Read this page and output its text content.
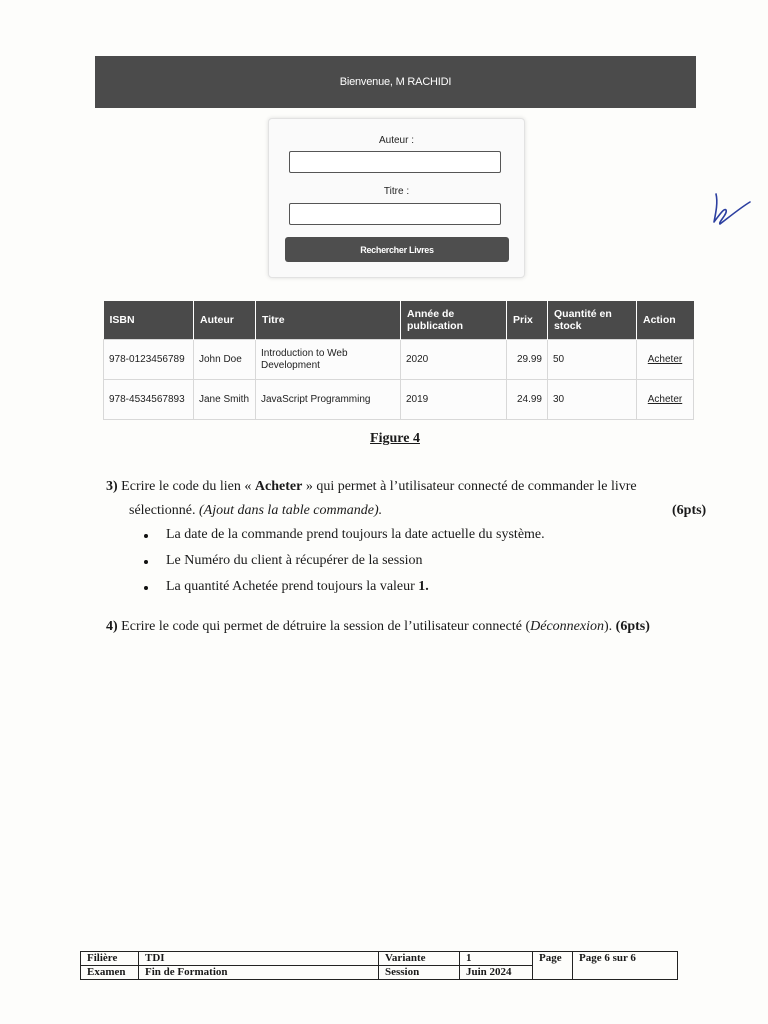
Bienvenue, M RACHIDI
Auteur :
Titre :
Rechercher Livres
ISBN	Auteur	Titre	Année de publication	Prix	Quantité en stock	Action
978-0123456789	John Doe	Introduction to Web Development	2020	29.99	50	Acheter
978-4534567893	Jane Smith	JavaScript Programming	2019	24.99	30	Acheter
Figure 4
3) Ecrire le code du lien « Acheter » qui permet à l’utilisateur connecté de commander le livre
sélectionné. (Ajout dans la table commande).	(6pts)
La date de la commande prend toujours la date actuelle du système.
Le Numéro du client à récupérer de la session
La quantité Achetée prend toujours la valeur 1.
4) Ecrire le code qui permet de détruire la session de l’utilisateur connecté (Déconnexion). (6pts)
Filière	TDI	Variante	1	Page	Page 6 sur 6
Examen	Fin de Formation	Session	Juin 2024		
